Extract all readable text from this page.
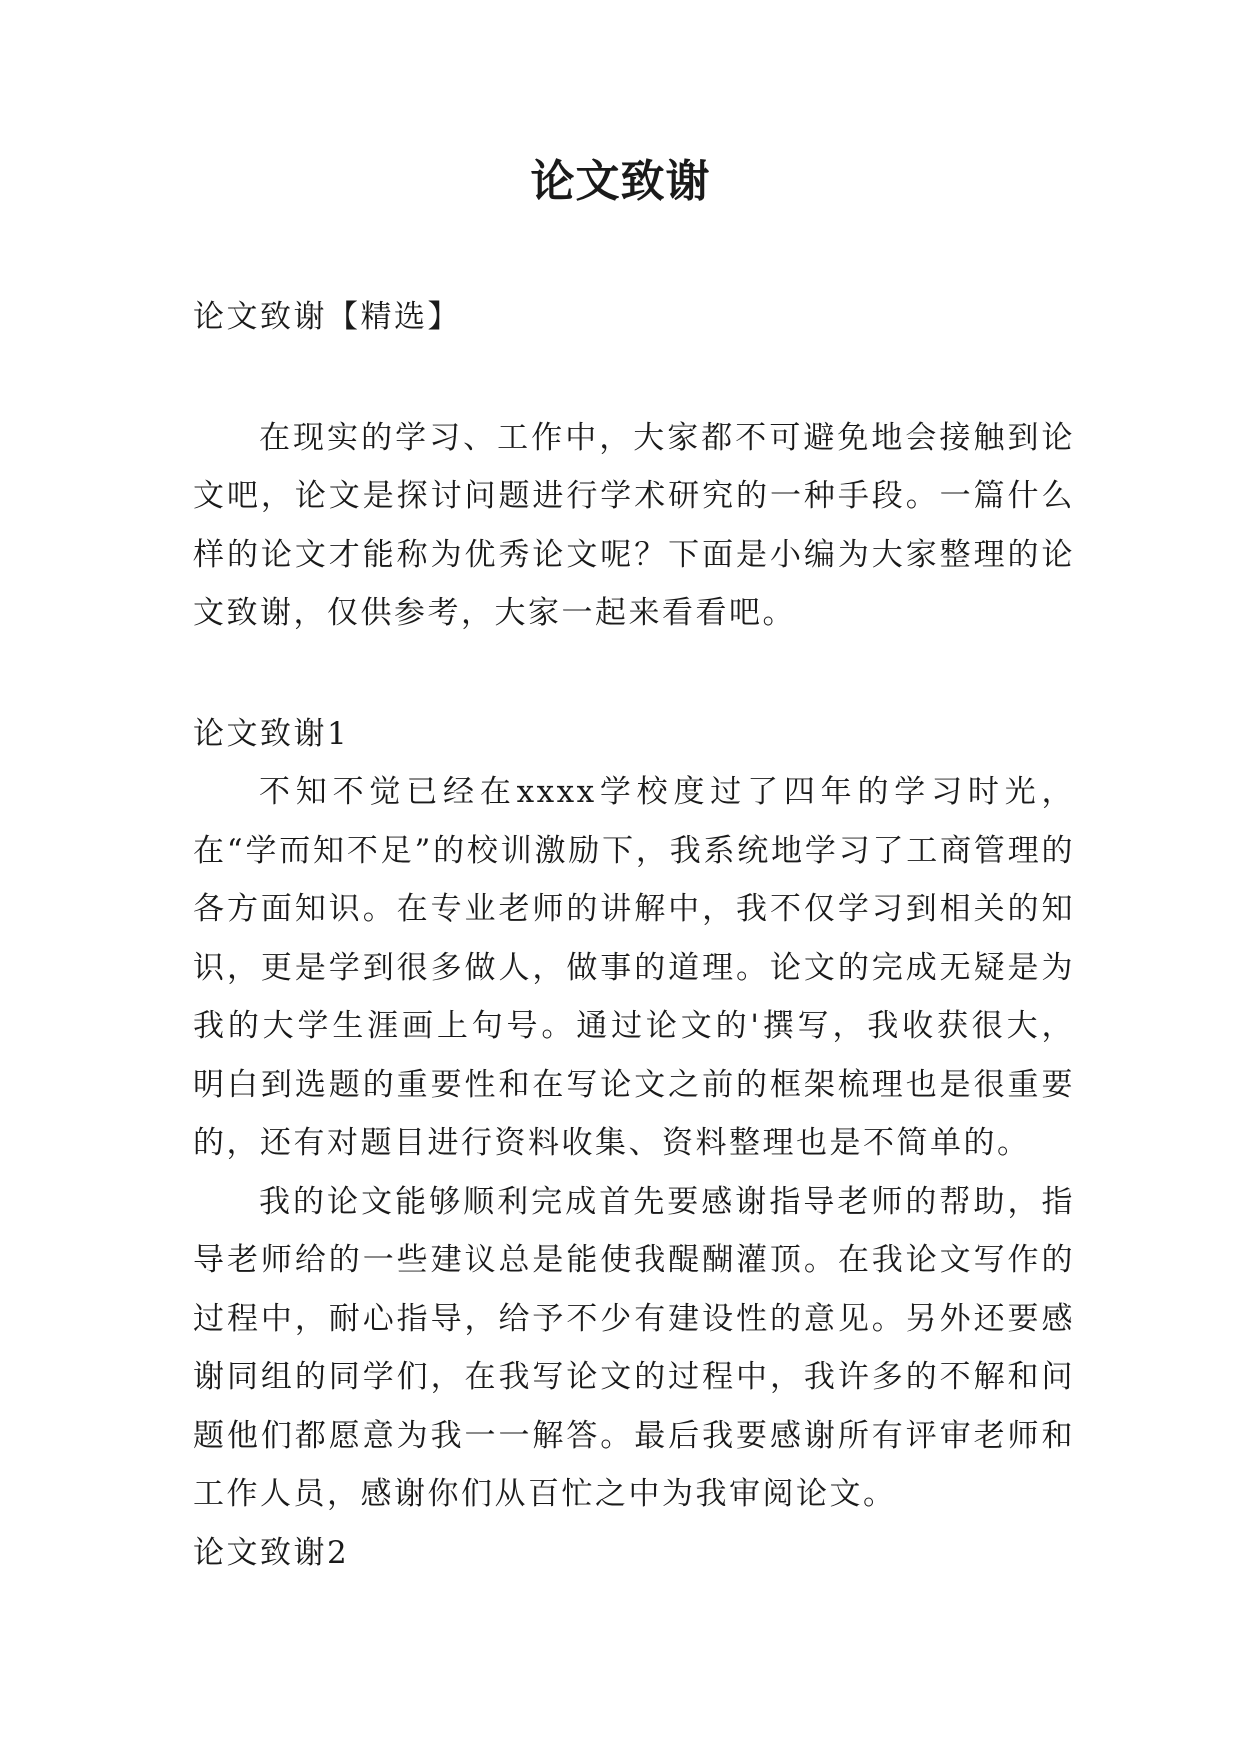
论文致谢

论文致谢【精选】

在现实的学习、工作中，大家都不可避免地会接触到论文吧，论文是探讨问题进行学术研究的一种手段。一篇什么样的论文才能称为优秀论文呢？下面是小编为大家整理的论文致谢，仅供参考，大家一起来看看吧。

论文致谢1

不知不觉已经在xxxx学校度过了四年的学习时光，在“学而知不足”的校训激励下，我系统地学习了工商管理的各方面知识。在专业老师的讲解中，我不仅学习到相关的知识，更是学到很多做人，做事的道理。论文的完成无疑是为我的大学生涯画上句号。通过论文的'撰写，我收获很大，明白到选题的重要性和在写论文之前的框架梳理也是很重要的，还有对题目进行资料收集、资料整理也是不简单的。

我的论文能够顺利完成首先要感谢指导老师的帮助，指导老师给的一些建议总是能使我醍醐灌顶。在我论文写作的过程中，耐心指导，给予不少有建设性的意见。另外还要感谢同组的同学们，在我写论文的过程中，我许多的不解和问题他们都愿意为我一一解答。最后我要感谢所有评审老师和工作人员，感谢你们从百忙之中为我审阅论文。

论文致谢2
